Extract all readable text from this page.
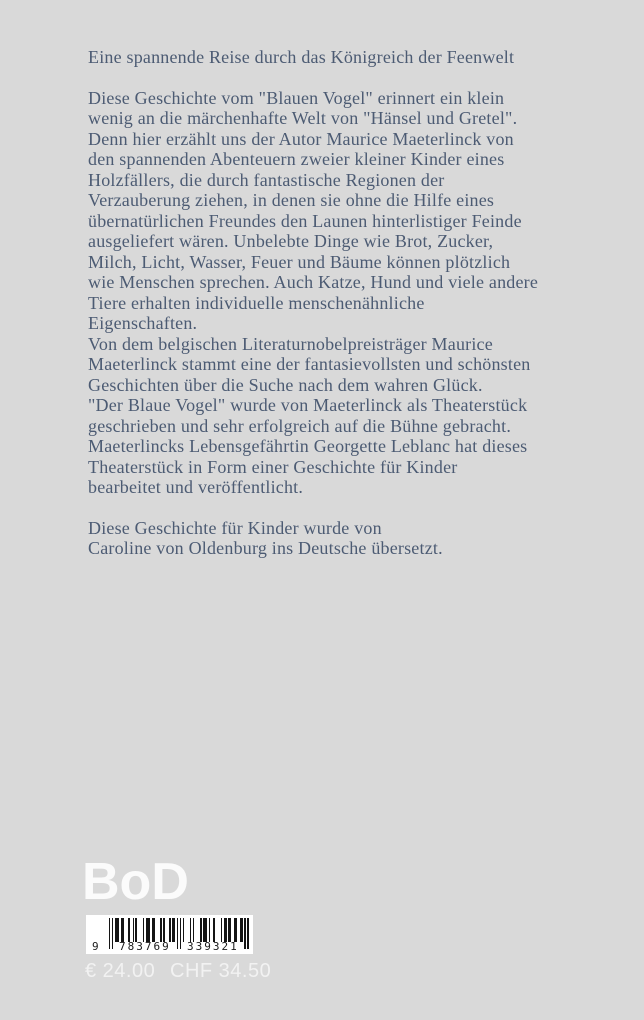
Eine spannende Reise durch das Königreich der Feenwelt
Diese Geschichte vom "Blauen Vogel" erinnert ein klein
wenig an die märchenhafte Welt von "Hänsel und Gretel".
Denn hier erzählt uns der Autor Maurice Maeterlinck von
den spannenden Abenteuern zweier kleiner Kinder eines
Holzfällers, die durch fantastische Regionen der
Verzauberung ziehen, in denen sie ohne die Hilfe eines
übernatürlichen Freundes den Launen hinterlistiger Feinde
ausgeliefert wären. Unbelebte Dinge wie Brot, Zucker,
Milch, Licht, Wasser, Feuer und Bäume können plötzlich
wie Menschen sprechen. Auch Katze, Hund und viele andere
Tiere erhalten individuelle menschenähnliche
Eigenschaften.
Von dem belgischen Literaturnobelpreisträger Maurice
Maeterlinck stammt eine der fantasievollsten und schönsten
Geschichten über die Suche nach dem wahren Glück.
"Der Blaue Vogel" wurde von Maeterlinck als Theaterstück
geschrieben und sehr erfolgreich auf die Bühne gebracht.
Maeterlincks Lebensgefährtin Georgette Leblanc hat dieses
Theaterstück in Form einer Geschichte für Kinder
bearbeitet und veröffentlicht.
Diese Geschichte für Kinder wurde von
Caroline von Oldenburg ins Deutsche übersetzt.
BoD
9 783769 339321
€ 24.00 CHF 34.50
